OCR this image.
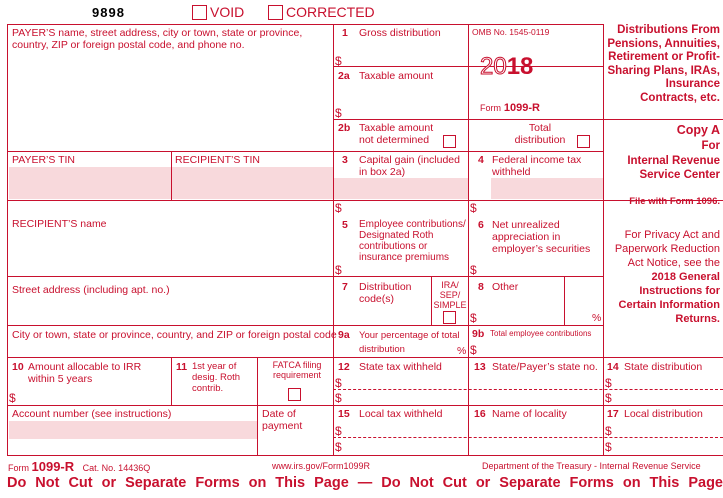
9898	VOID	CORRECTED
PAYER’S name, street address, city or town, state or province, country, ZIP or foreign postal code, and phone no.
PAYER’S TIN	RECIPIENT’S TIN
RECIPIENT’S name
Street address (including apt. no.)
City or town, state or province, country, and ZIP or foreign postal code
10 Amount allocable to IRR within 5 years
$
11 1st year of desig. Roth contrib.
FATCA filing requirement
Account number (see instructions)	Date of payment
1 Gross distribution
$
2a Taxable amount
$
2b Taxable amount not determined
3 Capital gain (included in box 2a)
$
5 Employee contributions/ Designated Roth contributions or insurance premiums
$
7 Distribution code(s)
IRA/ SEP/ SIMPLE
9a Your percentage of total distribution	%
12 State tax withheld
$
$
15 Local tax withheld
$
$
OMB No. 1545-0119
2018
Form 1099-R
Total distribution
4 Federal income tax withheld
$
6 Net unrealized appreciation in employer’s securities
$
8 Other
$	%
9b Total employee contributions
$
13 State/Payer’s state no.
16 Name of locality
Distributions From Pensions, Annuities, Retirement or Profit-Sharing Plans, IRAs, Insurance Contracts, etc.
Copy A
For
Internal Revenue Service Center
File with Form 1096.
For Privacy Act and Paperwork Reduction Act Notice, see the 2018 General Instructions for Certain Information Returns.
14 State distribution
$
$
17 Local distribution
$
$
Form 1099-R Cat. No. 14436Q	www.irs.gov/Form1099R	Department of the Treasury - Internal Revenue Service
Do Not Cut or Separate Forms on This Page — Do Not Cut or Separate Forms on This Page
